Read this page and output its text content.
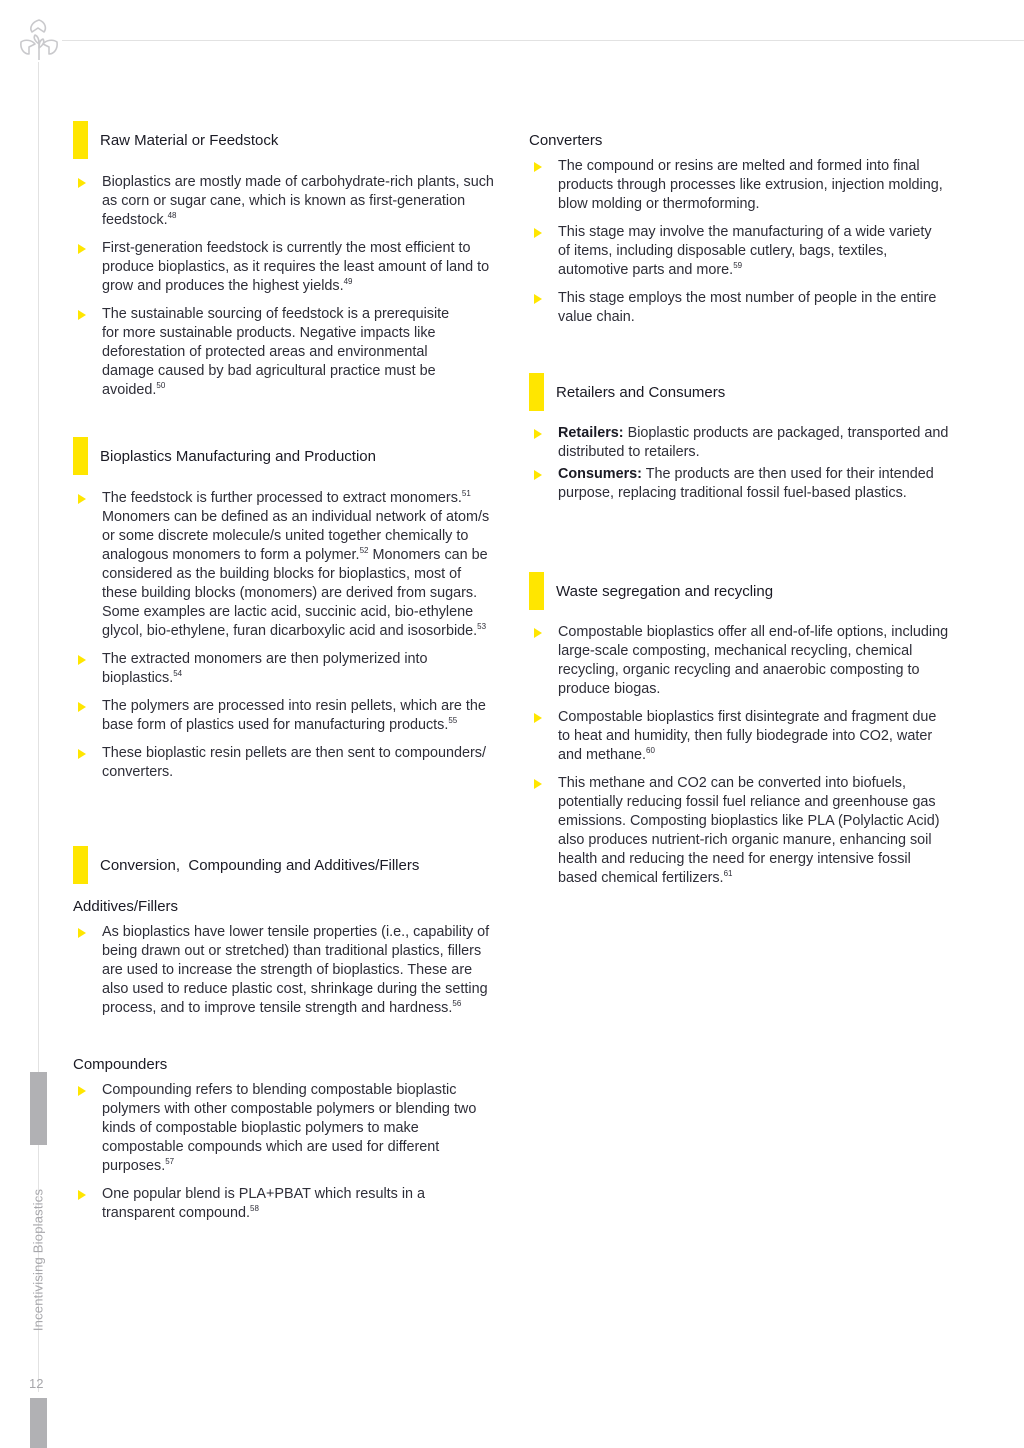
Incentivising Bioplastics
12
Raw Material or Feedstock
Bioplastics are mostly made of carbohydrate-rich plants, such as corn or sugar cane, which is known as first-generation feedstock.$^{48}$
First-generation feedstock is currently the most efficient to produce bioplastics, as it requires the least amount of land to grow and produces the highest yields.$^{49}$
The sustainable sourcing of feedstock is a prerequisite for more sustainable products. Negative impacts like deforestation of protected areas and environmental damage caused by bad agricultural practice must be avoided.$^{50}$
Bioplastics Manufacturing and Production
The feedstock is further processed to extract monomers.$^{51}$ Monomers can be defined as an individual network of atom/s or some discrete molecule/s united together chemically to analogous monomers to form a polymer.$^{52}$ Monomers can be considered as the building blocks for bioplastics, most of these building blocks (monomers) are derived from sugars. Some examples are lactic acid, succinic acid, bio-ethylene glycol, bio-ethylene, furan dicarboxylic acid and isosorbide.$^{53}$
The extracted monomers are then polymerized into bioplastics.$^{54}$
The polymers are processed into resin pellets, which are the base form of plastics used for manufacturing products.$^{55}$
These bioplastic resin pellets are then sent to compounders/ converters.
Conversion,  Compounding and Additives/Fillers
Additives/Fillers
As bioplastics have lower tensile properties (i.e., capability of being drawn out or stretched) than traditional plastics, fillers are used to increase the strength of bioplastics. These are also used to reduce plastic cost, shrinkage during the setting process, and to improve tensile strength and hardness.$^{56}$
Compounders
Compounding refers to blending compostable bioplastic polymers with other compostable polymers or blending two kinds of compostable bioplastic polymers to make compostable compounds which are used for different purposes.$^{57}$
One popular blend is PLA+PBAT which results in a transparent compound.$^{58}$
Converters
The compound or resins are melted and formed into final products through processes like extrusion, injection molding, blow molding or thermoforming.
This stage may involve the manufacturing of a wide variety of items, including disposable cutlery, bags, textiles, automotive parts and more.$^{59}$
This stage employs the most number of people in the entire value chain.
Retailers and Consumers
Retailers: Bioplastic products are packaged, transported and distributed to retailers.
Consumers: The products are then used for their intended purpose, replacing traditional fossil fuel-based plastics.
Waste segregation and recycling
Compostable bioplastics offer all end-of-life options, including large-scale composting, mechanical recycling, chemical recycling, organic recycling and anaerobic composting to produce biogas.
Compostable bioplastics first disintegrate and fragment due to heat and humidity, then fully biodegrade into CO2, water and methane.$^{60}$
This methane and CO2 can be converted into biofuels, potentially reducing fossil fuel reliance and greenhouse gas emissions. Composting bioplastics like PLA (Polylactic Acid) also produces nutrient-rich organic manure, enhancing soil health and reducing the need for energy intensive fossil based chemical fertilizers.$^{61}$
